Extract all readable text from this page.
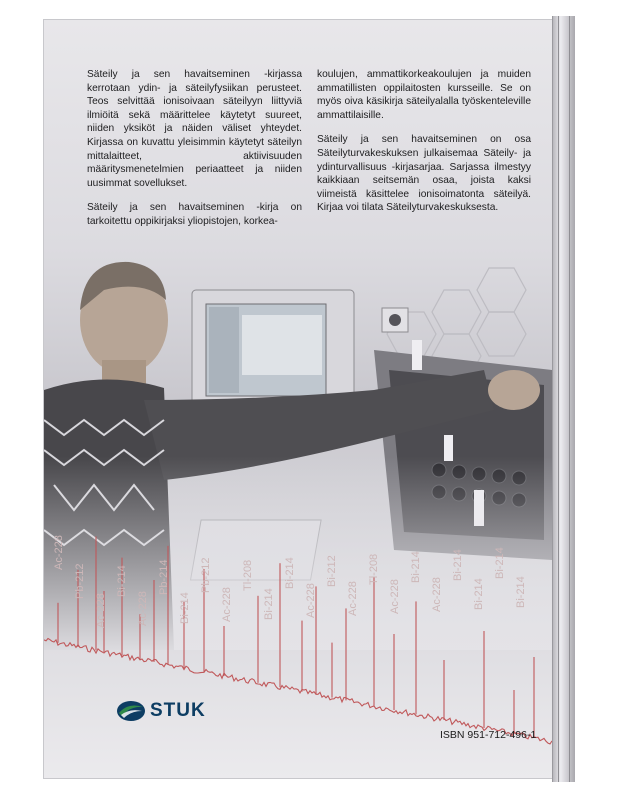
Ac-228
Pb-212
Ac-228
Bi-214
Ac-228
Pb-214
Bi-214
Pb-212
Ac-228
Tl-208
Bi-214
Bi-214
Ac-228
Bi-212
Ac-228
Tl-208
Ac-228
Bi-214
Ac-228
Bi-214
Bi-214
Bi-214
Bi-214

Säteily ja sen havaitseminen -kirjassa kerrotaan ydin- ja säteilyfysiikan perusteet. Teos selvittää ionisoivaan säteilyyn liittyviä ilmiöitä sekä määrittelee käytetyt suureet, niiden yksiköt ja näiden väliset yhteydet. Kirjassa on kuvattu yleisimmin käytetyt säteilyn mittalaitteet, aktiivisuuden määritysmenetelmien periaatteet ja niiden uusimmat sovellukset.

Säteily ja sen havaitseminen -kirja on tarkoitettu oppikirjaksi yliopistojen, korkea-

koulujen, ammattikorkeakoulujen ja muiden ammatillisten oppilaitosten kursseille. Se on myös oiva käsikirja säteilyalalla työskenteleville ammattilaisille.

Säteily ja sen havaitseminen on osa Säteilyturvakeskuksen julkaisemaa Säteily- ja ydinturvallisuus -kirjasarjaa. Sarjassa ilmestyy kaikkiaan seitsemän osaa, joista kaksi viimeistä käsittelee ionisoimatonta säteilyä. Kirjaa voi tilata Säteilyturvakeskuksesta.

STUK
ISBN 951-712-496-1
